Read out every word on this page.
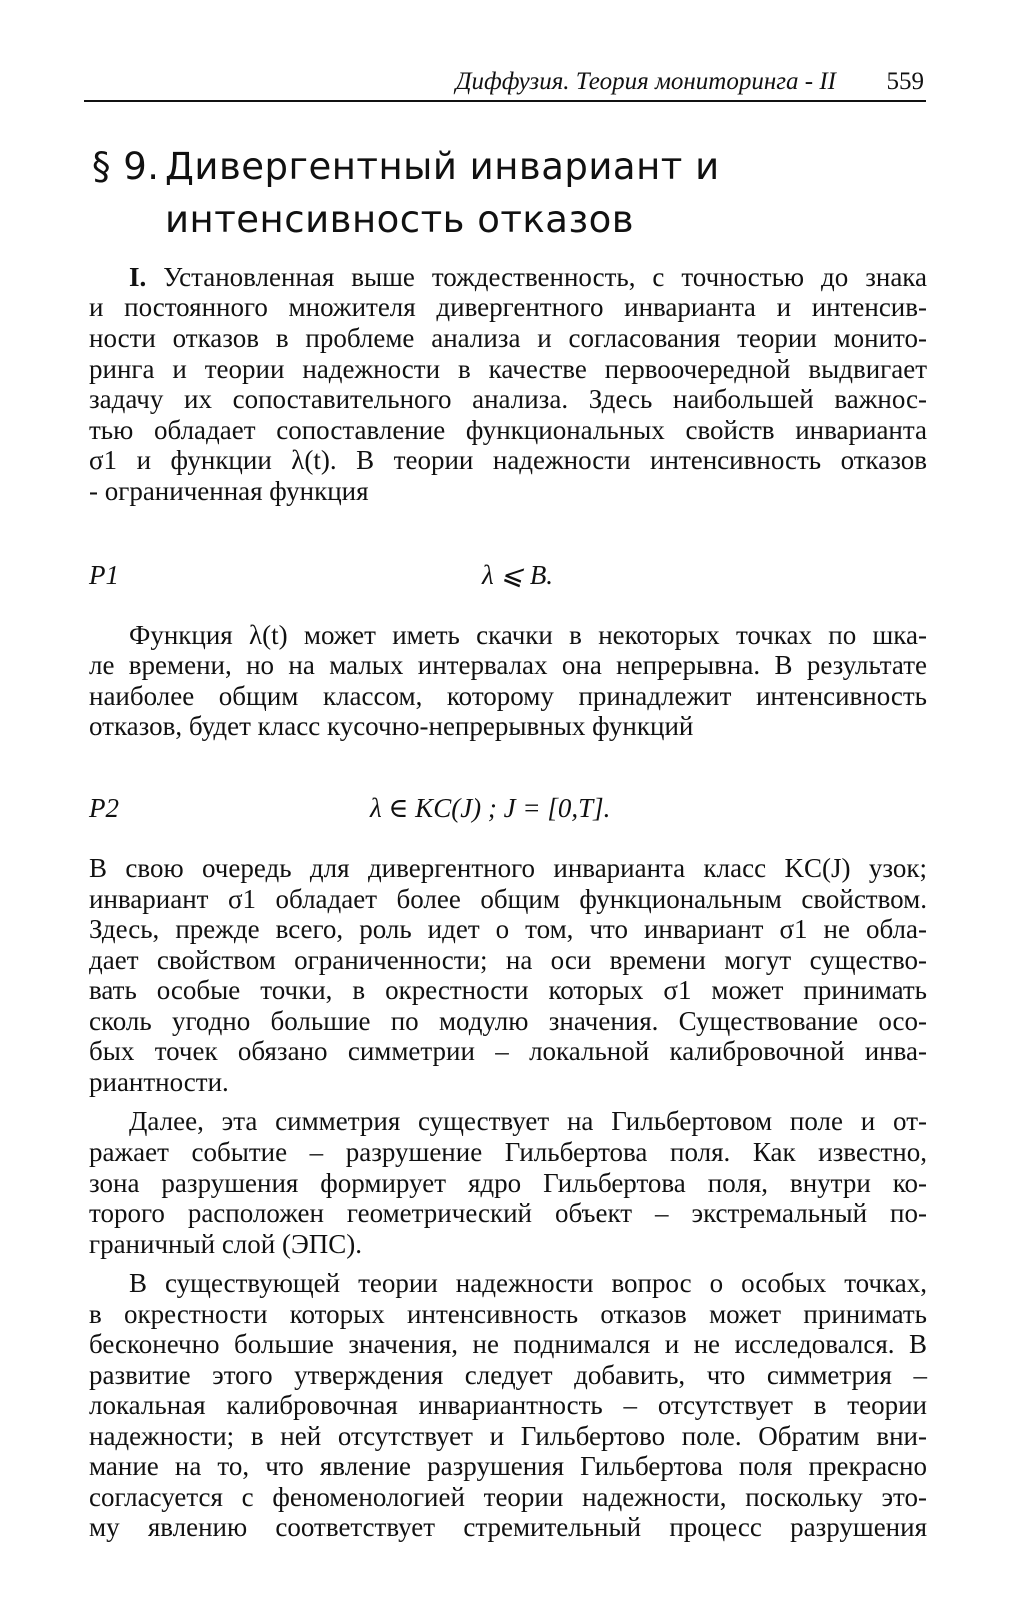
Диффузия. Теория мониторинга - II 559
§ 9. Дивергентный инвариант и
интенсивность отказов
I. Установленная выше тождественность, с точностью до знака
и постоянного множителя дивергентного инварианта и интенсив-
ности отказов в проблеме анализа и согласования теории монито-
ринга и теории надежности в качестве первоочередной выдвигает
задачу их сопоставительного анализа. Здесь наибольшей важнос-
тью обладает сопоставление функциональных свойств инварианта
σ1 и функции λ(t). В теории надежности интенсивность отказов
- ограниченная функция
P1	λ ⩽ B.
Функция λ(t) может иметь скачки в некоторых точках по шка-
ле времени, но на малых интервалах она непрерывна. В результате
наиболее общим классом, которому принадлежит интенсивность
отказов, будет класс кусочно-непрерывных функций
P2	λ ∈ KC(J) ; J = [0,T].
В свою очередь для дивергентного инварианта класс KC(J) узок;
инвариант σ1 обладает более общим функциональным свойством.
Здесь, прежде всего, роль идет о том, что инвариант σ1 не обла-
дает свойством ограниченности; на оси времени могут существо-
вать особые точки, в окрестности которых σ1 может принимать
сколь угодно большие по модулю значения. Существование осо-
бых точек обязано симметрии – локальной калибровочной инва-
риантности.
Далее, эта симметрия существует на Гильбертовом поле и от-
ражает событие – разрушение Гильбертова поля. Как известно,
зона разрушения формирует ядро Гильбертова поля, внутри ко-
торого расположен геометрический объект – экстремальный по-
граничный слой (ЭПС).
В существующей теории надежности вопрос о особых точках,
в окрестности которых интенсивность отказов может принимать
бесконечно большие значения, не поднимался и не исследовался. В
развитие этого утверждения следует добавить, что симметрия –
локальная калибровочная инвариантность – отсутствует в теории
надежности; в ней отсутствует и Гильбертово поле. Обратим вни-
мание на то, что явление разрушения Гильбертова поля прекрасно
согласуется с феноменологией теории надежности, поскольку это-
му явлению соответствует стремительный процесс разрушения
